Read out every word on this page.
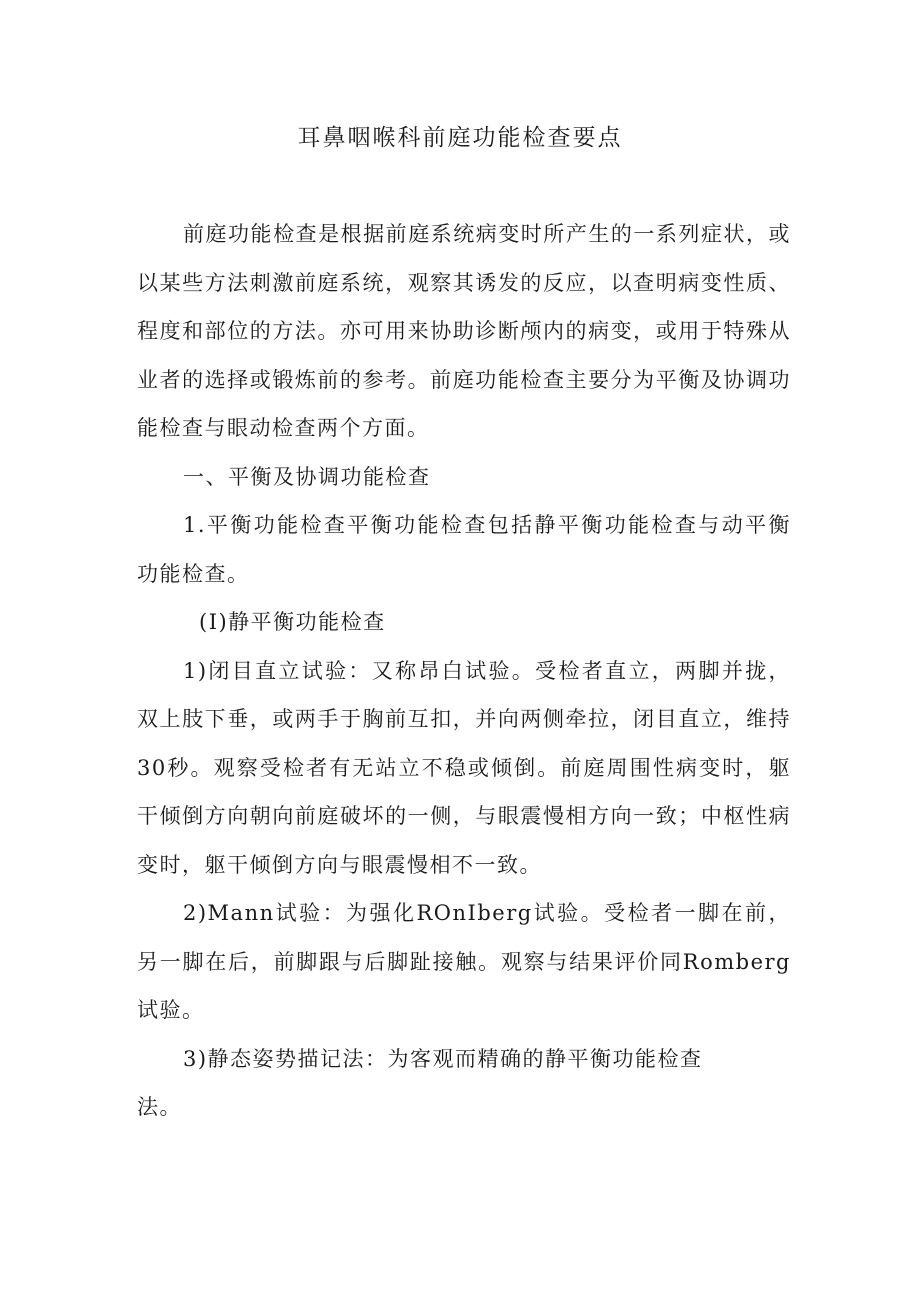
耳鼻咽喉科前庭功能检查要点

前庭功能检查是根据前庭系统病变时所产生的一系列症状，或以某些方法刺激前庭系统，观察其诱发的反应，以查明病变性质、程度和部位的方法。亦可用来协助诊断颅内的病变，或用于特殊从业者的选择或锻炼前的参考。前庭功能检查主要分为平衡及协调功能检查与眼动检查两个方面。

一、平衡及协调功能检查

1.平衡功能检查平衡功能检查包括静平衡功能检查与动平衡功能检查。

(I)静平衡功能检查

1)闭目直立试验：又称昂白试验。受检者直立，两脚并拢，双上肢下垂，或两手于胸前互扣，并向两侧牵拉，闭目直立，维持30秒。观察受检者有无站立不稳或倾倒。前庭周围性病变时，躯干倾倒方向朝向前庭破坏的一侧，与眼震慢相方向一致；中枢性病变时，躯干倾倒方向与眼震慢相不一致。

2)Mann试验：为强化ROnIberg试验。受检者一脚在前，另一脚在后，前脚跟与后脚趾接触。观察与结果评价同Romberg试验。

3)静态姿势描记法：为客观而精确的静平衡功能检查

法。
